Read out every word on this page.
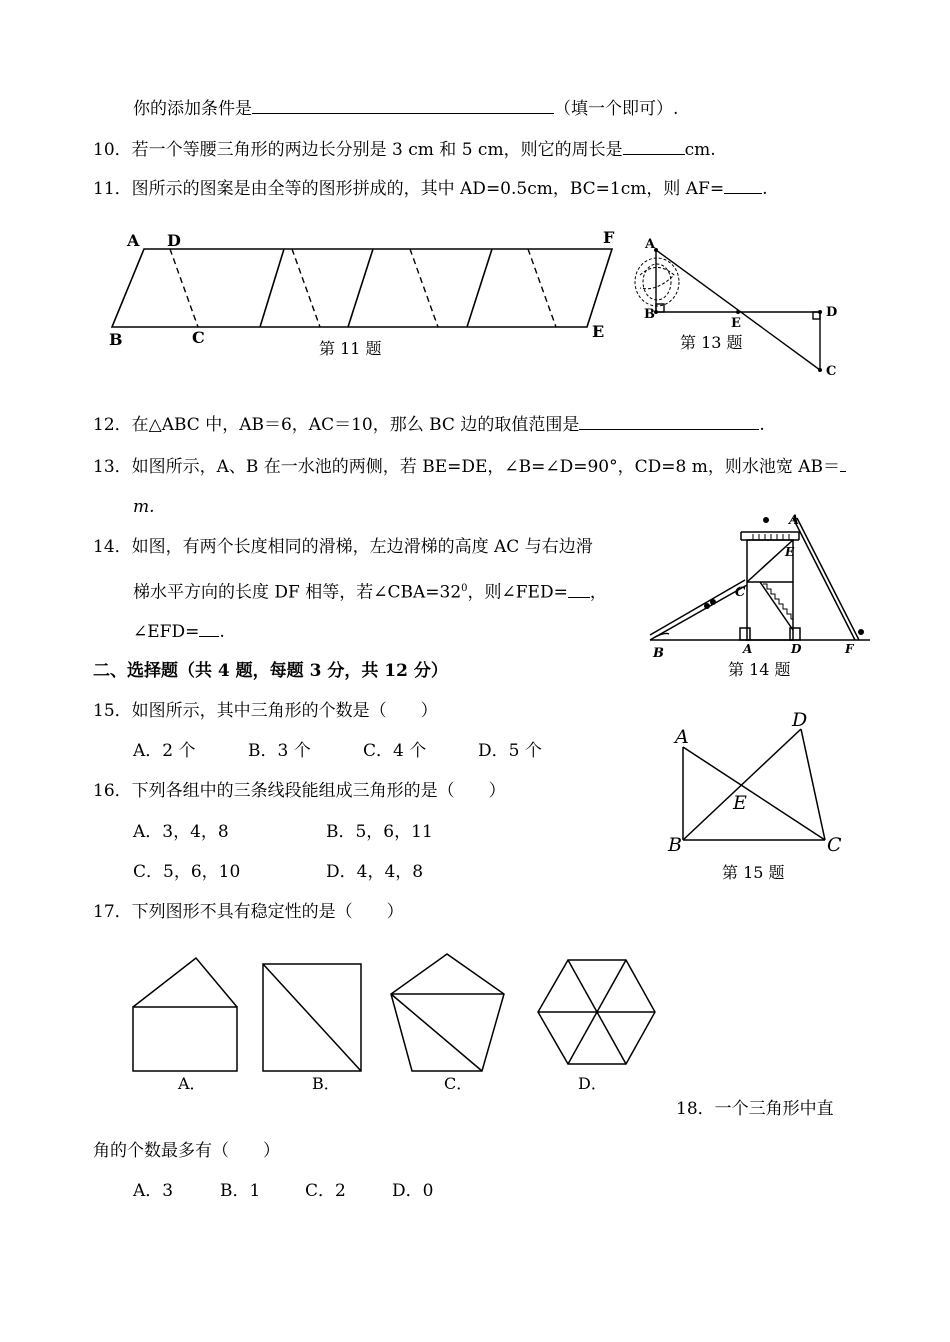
你的添加条件是	（填一个即可）.
10．若一个等腰三角形的两边长分别是 3 cm 和 5 cm，则它的周长是	cm.
11．图所示的图案是由全等的图形拼成的，其中 AD=0.5cm，BC=1cm，则 AF= .
A D	F
B	C	E
第 11 题
A
B
E
D
C
第 13 题
12．在△ABC 中，AB＝6，AC＝10，那么 BC 边的取值范围是	.
13．如图所示，A、B 在一水池的两侧，若 BE=DE，∠B=∠D=90°，CD=8 m，则水池宽 AB＝
m.
14．如图，有两个长度相同的滑梯，左边滑梯的高度 AC 与右边滑
梯水平方向的长度 DF 相等，若$\angle CBA=32^0$，则∠FED= ，
∠EFD= .
A
E
B
C
A	D	F
第 14 题
二、选择题（共 4 题，每题 3 分，共 12 分）
15．如图所示，其中三角形的个数是（　　）
A．2 个	B．3 个	C．4 个	D．5 个
A
D
E
B	C
第 15 题
16．下列各组中的三条线段能组成三角形的是（　　）
A．3，4，8	B．5，6，11
C．5，6，10	D．4，4，8
17．下列图形不具有稳定性的是（　　）
A．	B．	C．	D．
18．一个三角形中直
角的个数最多有（　　）
A．3	B．1	C．2	D．0
